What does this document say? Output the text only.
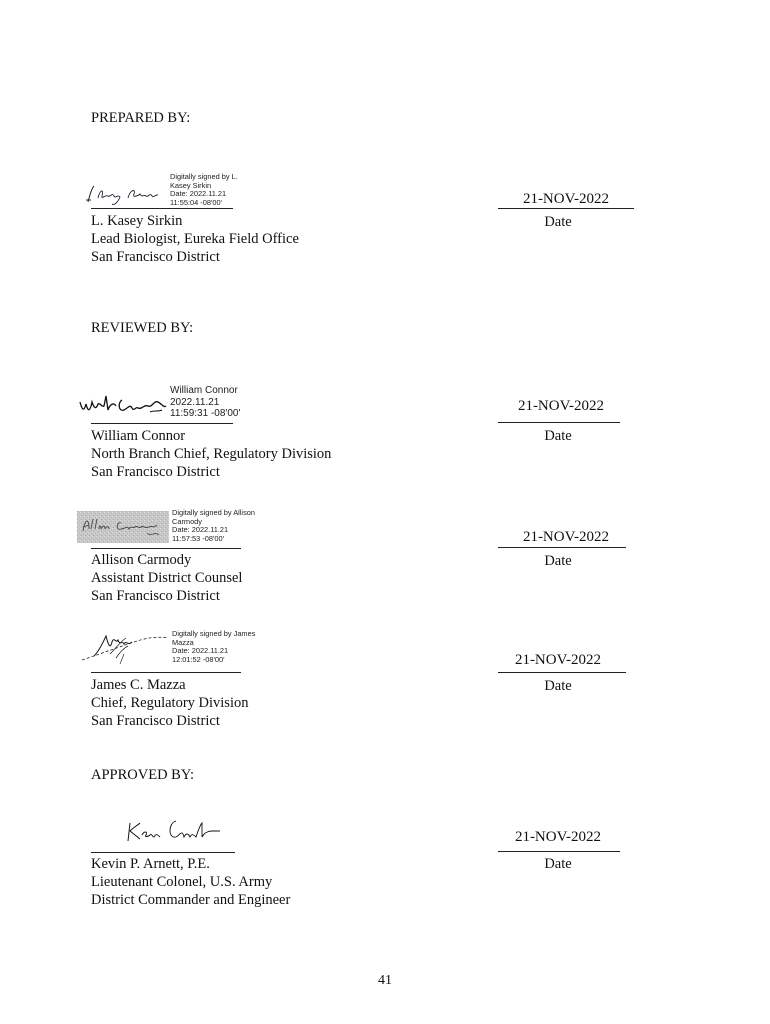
PREPARED BY:
Digitally signed by L.
Kasey Sirkin
Date: 2022.11.21
11:55:04 -08'00'	21-NOV-2022
Date
L. Kasey Sirkin
Lead Biologist, Eureka Field Office
San Francisco District
REVIEWED BY:
William Connor
2022.11.21
11:59:31 -08'00'	21-NOV-2022
Date
William Connor
North Branch Chief, Regulatory Division
San Francisco District
Digitally signed by Allison
Carmody
Date: 2022.11.21
11:57:53 -08'00'	21-NOV-2022
Date
Allison Carmody
Assistant District Counsel
San Francisco District
Digitally signed by James
Mazza
Date: 2022.11.21
12:01:52 -08'00'	21-NOV-2022
Date
James C. Mazza
Chief, Regulatory Division
San Francisco District
APPROVED BY:
21-NOV-2022
Date
Kevin P. Arnett, P.E.
Lieutenant Colonel, U.S. Army
District Commander and Engineer
41
